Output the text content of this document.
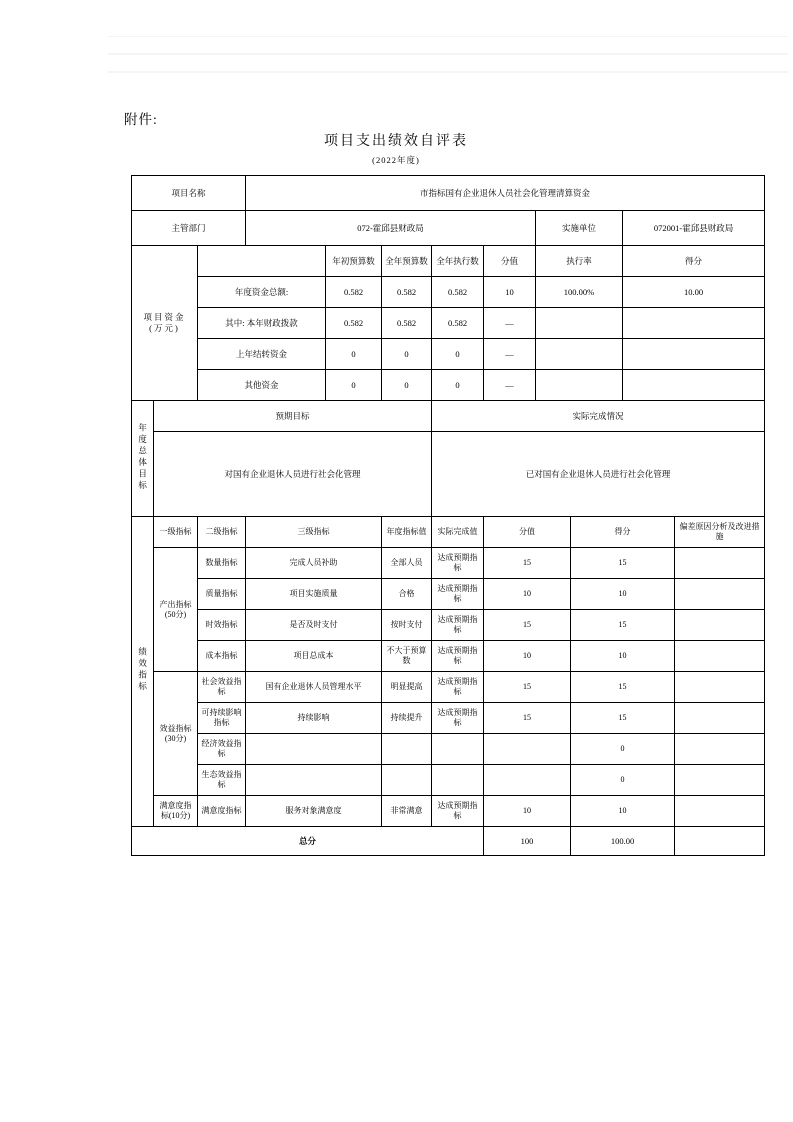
附件:
项目支出绩效自评表
(2022年度)
项目名称			市指标国有企业退休人员社会化管理清算资金								
主管部门			072-霍邱县财政局					实施单位		072001-霍邱县财政局	

项目资金
(万元)				年初预算数	全年预算数	全年执行数	分值	执行率		得分	
		年度资金总额:		0.582	0.582	0.582	10	100.00%		10.00	
		其中: 本年财政拨款		0.582	0.582	0.582	—				
		上年结转资金		0	0	0	—				
		其他资金		0	0	0	—				
年度总体目标	预期目标					实际完成情况					
	对国有企业退休人员进行社会化管理					已对国有企业退休人员进行社会化管理					
绩效指标	一级指标	二级指标	三级指标		年度指标值	实际完成值	分值		得分		偏差原因分析及改进措施
	产出指标(50分)	数量指标	完成人员补助		全部人员	达成预期指标	15		15		
		质量指标	项目实施质量		合格	达成预期指标	10		10		
		时效指标	是否及时支付		按时支付	达成预期指标	15		15		
		成本指标	项目总成本		不大于预算数	达成预期指标	10		10		
	效益指标(30分)	社会效益指标	国有企业退休人员管理水平		明显提高	达成预期指标	15		15		
		可持续影响指标	持续影响		持续提升	达成预期指标	15		15		
		经济效益指标							0		
		生态效益指标							0		
	满意度指标(10分)	满意度指标	服务对象满意度		非常满意	达成预期指标	10		10		
总分							100		100.00		
